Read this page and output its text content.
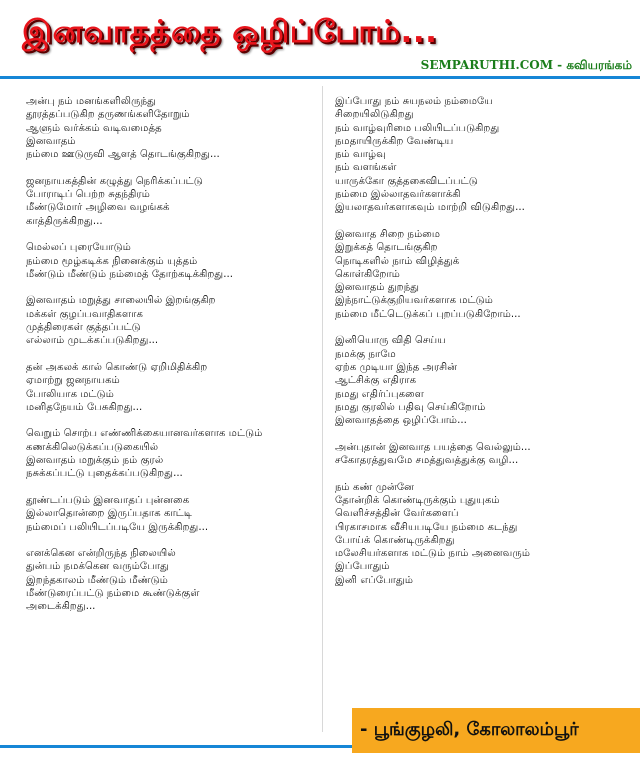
இனவாதத்தை ஒழிப்போம்...
SEMPARUTHI.COM - கவியரங்கம்
அன்பு நம் மனங்களிலிருந்து
தூரத்தப்படுகிற தருணங்களிதோறும்
ஆளும் வர்க்கம் வடிவமைத்த
இனவாதம்
நம்மை ஊடுருவி ஆளத் தொடங்குகிறது...
ஜனநாயகத்தின் கழுத்து நெரிக்கப்பட்டு
போராடிப் பெற்ற சுதந்திரம்
மீண்டுமோர் அழிவை வழங்கக்
காத்திருக்கிறது...
மெல்லப் புரையோடும்
நம்மை மூழ்கடிக்க நினைக்கும் யுத்தம்
மீண்டும் மீண்டும் நம்மைத் தோற்கடிக்கிறது...
இனவாதம் மறுத்து சாலையில் இறங்குகிற
மக்கள் குழப்பவாதிகளாக
முத்திரைகள் குத்தப்பட்டு
எல்லாம் முடக்கப்படுகிறது...
தன் அகலக் கால் கொண்டு ஏறிமிதிக்கிற
ஏமாற்று ஜனநாயகம்
போலியாக மட்டும்
மனிதநேயம் பேசுகிறது...
வெறும் சொற்ப எண்ணிக்கையானவர்களாக மட்டும்
கணக்கிலெடுக்கப்படுகையில்
இனவாதம் மறுக்கும் நம் குரல்
நசுக்கப்பட்டு புதைக்கப்படுகிறது...
தூண்டப்படும் இனவாதப் புன்னகை
இல்லாதொன்றை இருப்பதாக காட்டி
நம்மைப் பலியிடப்படியே இருக்கிறது...
எனக்கென என்றிருந்த நிலையில்
துன்பம் நமக்கென வரும்போது
இறந்தகாலம் மீண்டும் மீண்டும்
மீண்டுரைப்பட்டு நம்மை கூண்டுக்குள்
அடைக்கிறது...
இப்போது நம் சுயநலம் நம்மையே
சிறையிலிடுகிறது
நம் வாழ்வுரிமை பலியிடப்படுகிறது
நமதாயிருக்கிற வேண்டிய
நம் வாழ்வு
நம் வளங்கள்
யாருக்கோ குத்தகைவிடப்பட்டு
நம்மை இல்லாதவர்களாக்கி
இயலாதவர்களாகவும் மாற்றி விடுகிறது...
இனவாத சிறை நம்மை
இறுக்கத் தொடங்குகிற
நொடிகளில் நாம் விழித்துக்
கொள்கிறோம்
இனவாதம் துறந்து
இந்நாட்டுக்குறியவர்களாக மட்டும்
நம்மை மீட்டெடுக்கப் புறப்படுகிறோம்...
இனியொரு விதி செய்ய
நமக்கு நாமே
ஏற்க முடியா இந்த அரசின்
ஆட்சிக்கு எதிராக
நமது எதிர்ப்புகளை
நமது குரலில் பதிவு செய்கிறோம்
இனவாதத்தை ஒழிப்போம்...
அன்புதான் இனவாத பயத்தை வெல்லும்...
சகோதரத்துவமே சமத்துவத்துக்கு வழி...
நம் கண் முன்னே
தோன்றிக் கொண்டிருக்கும் புதுயுகம்
வெளிச்சத்தின் வேர்களைப்
பிரகாசமாக வீசியபடியே நம்மை கடந்து
போய்க் கொண்டிருக்கிறது
மலேசியர்களாக மட்டும் நாம் அனைவரும்
இப்போதும்
இனி எப்போதும்
- பூங்குழலி, கோலாலம்பூர்
